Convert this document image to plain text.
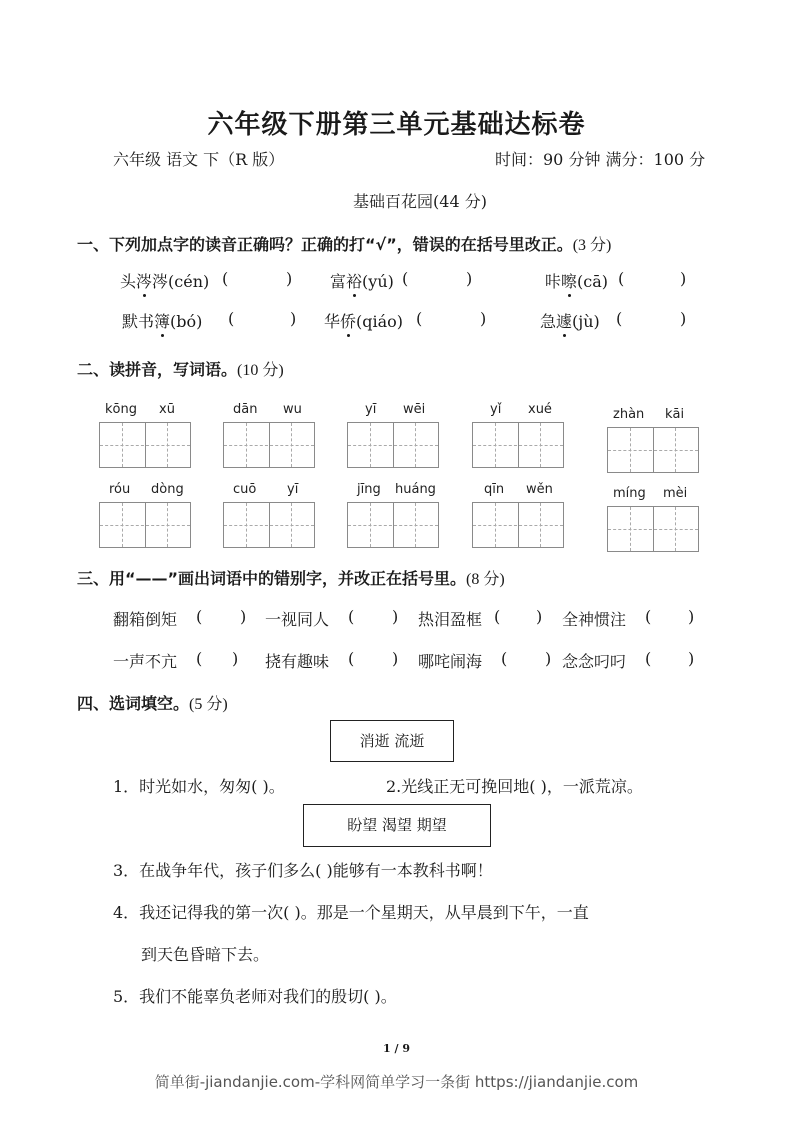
六年级下册第三单元基础达标卷
六年级 语文 下（R 版）	时间：90 分钟 满分：100 分
基础百花园(44 分)
一、下列加点字的读音正确吗？正确的打“√”，错误的在括号里改正。(3 分)
头涔涔(cén) (	) 富裕(yú) (	)	咔嚓(cā) (	)
默书簿(bó) (	) 华侨(qiáo) (	)	急遽(jù) (	)
二、读拼音，写词语。(10 分)
kōng xū	dān wu	yī wēi	yǐ xué	zhàn kāi
róu dòng	cuō yī	jīng huáng	qīn wěn	míng mèi
三、用“——”画出词语中的错别字，并改正在括号里。(8 分)
翻箱倒矩 ( ) 一视同人 ( ) 热泪盈框 ( ) 全神惯注 ( )
一声不亢 ( ) 挠有趣味 ( ) 哪咤闹海 ( ) 念念叼叼 ( )
四、选词填空。(5 分)
消逝 流逝
1．时光如水，匆匆( )。	2.光线正无可挽回地( )，一派荒凉。
盼望 渴望 期望
3．在战争年代，孩子们多么( )能够有一本教科书啊！
4．我还记得我的第一次( )。那是一个星期天，从早晨到下午，一直
到天色昏暗下去。
5．我们不能辜负老师对我们的殷切( )。
1 / 9
简单街-jiandanjie.com-学科网简单学习一条街 https://jiandanjie.com
